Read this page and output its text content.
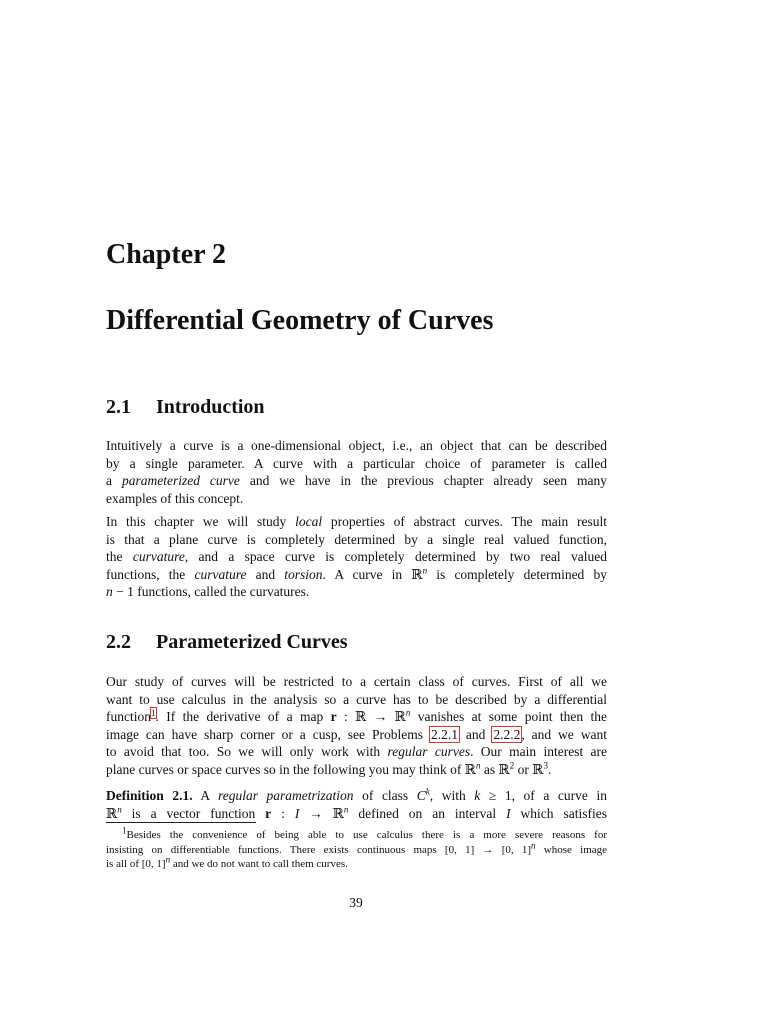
Chapter 2
Differential Geometry of Curves
2.1 Introduction
Intuitively a curve is a one-dimensional object, i.e., an object that can be described
by a single parameter. A curve with a particular choice of parameter is called
a parameterized curve and we have in the previous chapter already seen many
examples of this concept.
In this chapter we will study local properties of abstract curves. The main result
is that a plane curve is completely determined by a single real valued function,
the curvature, and a space curve is completely determined by two real valued
functions, the curvature and torsion. A curve in ℝ$^n$ is completely determined by
n − 1 functions, called the curvatures.
2.2 Parameterized Curves
Our study of curves will be restricted to a certain class of curves. First of all we
want to use calculus in the analysis so a curve has to be described by a differential
function$^1$. If the derivative of a map r : ℝ → ℝ$^n$ vanishes at some point then the
image can have sharp corner or a cusp, see Problems 2.2.1 and 2.2.2, and we want
to avoid that too. So we will only work with regular curves. Our main interest are
plane curves or space curves so in the following you may think of ℝ$^n$ as ℝ$^2$ or ℝ$^3$.
Definition 2.1. A regular parametrization of class $C^k$, with k ≥ 1, of a curve in
ℝ$^n$ is a vector function r : I → ℝ$^n$ defined on an interval I which satisfies
$^1$Besides the convenience of being able to use calculus there is a more severe reasons for
insisting on differentiable functions. There exists continuous maps [0, 1] → [0, 1]$^n$ whose image
is all of [0, 1]$^n$ and we do not want to call them curves.
39
